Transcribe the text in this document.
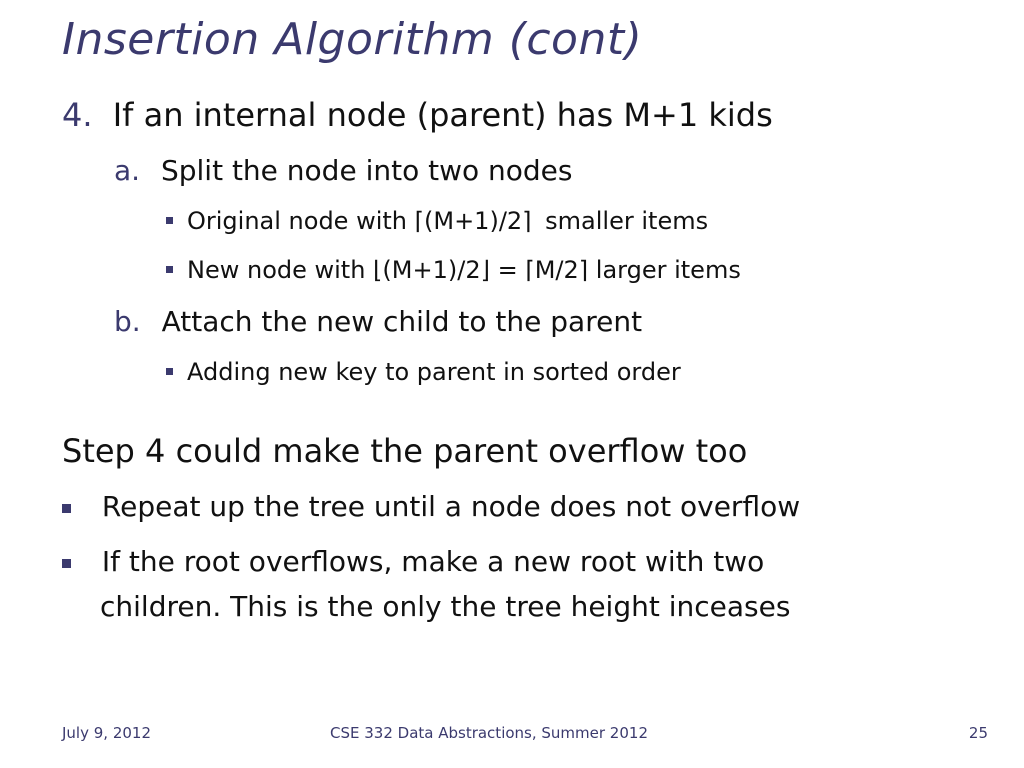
Insertion Algorithm (cont)
4. If an internal node (parent) has M+1 kids
a. Split the node into two nodes
Original node with ⌈(M+1)/2⌉ smaller items
New node with ⌊(M+1)/2⌋ = ⌈M/2⌉ larger items
b. Attach the new child to the parent
Adding new key to parent in sorted order
Step 4 could make the parent overflow too
Repeat up the tree until a node does not overflow
If the root overflows, make a new root with two
children. This is the only the tree height inceases
July 9, 2012	CSE 332 Data Abstractions, Summer 2012	25
